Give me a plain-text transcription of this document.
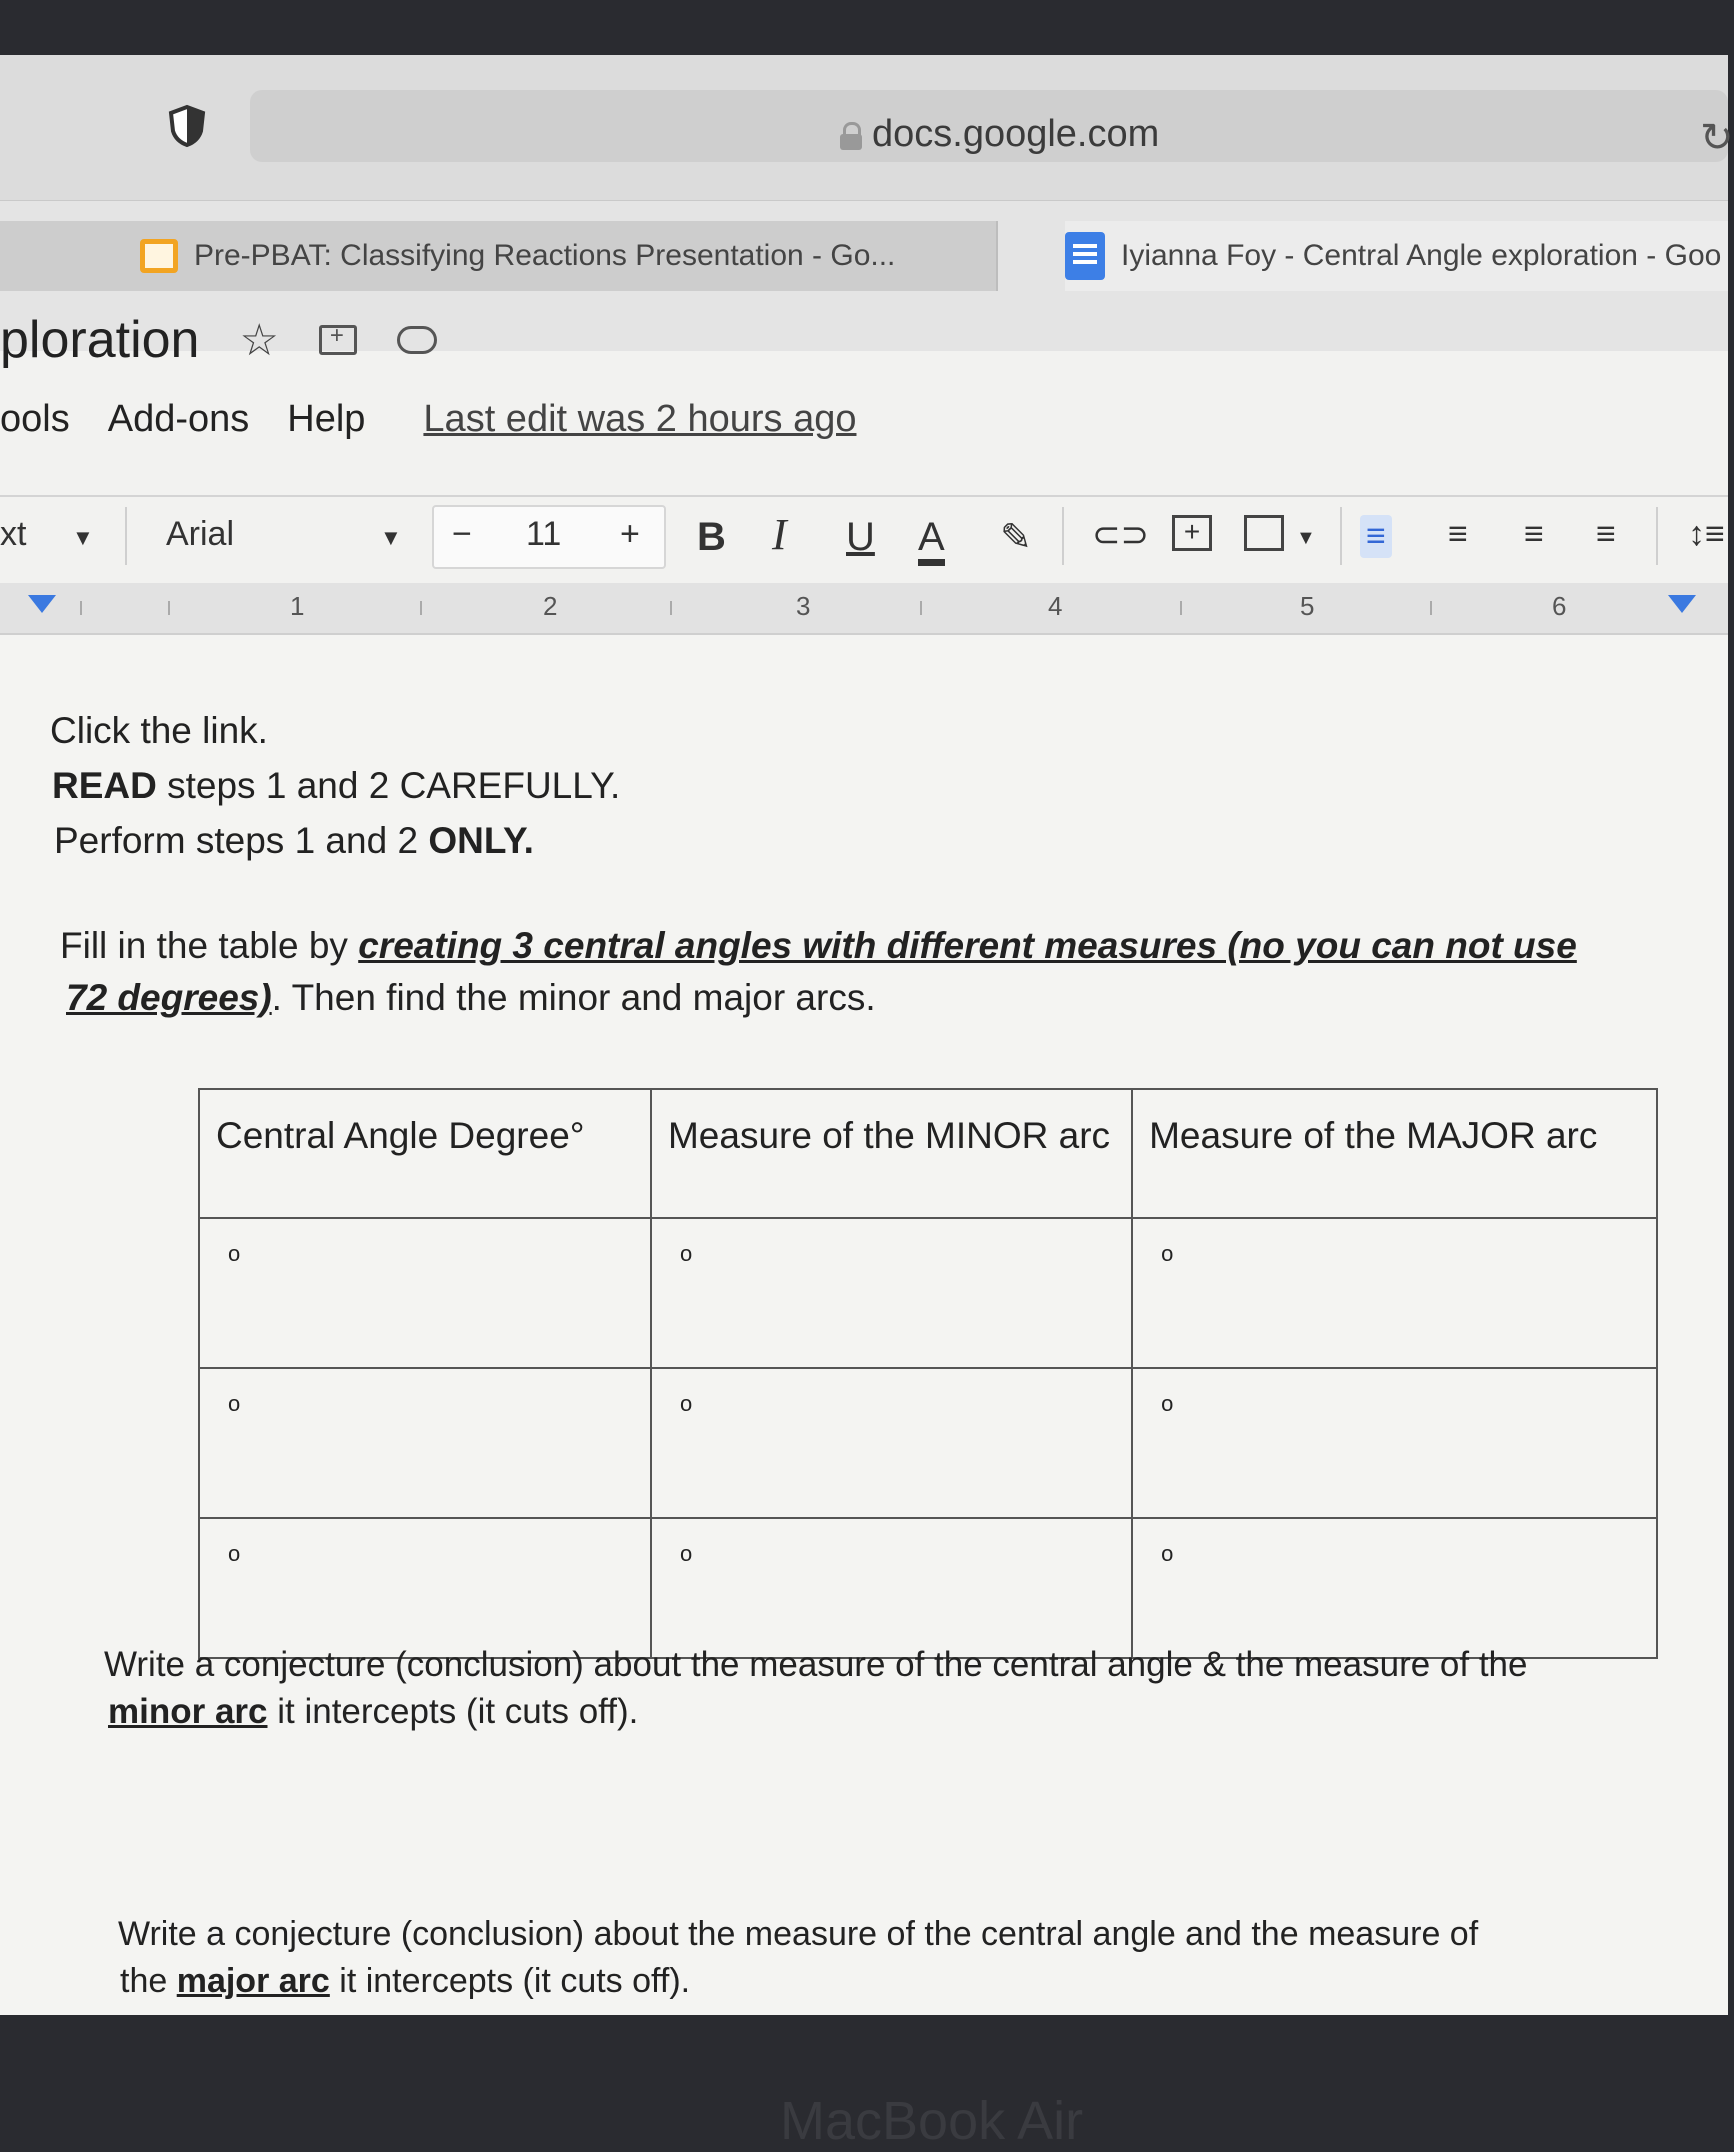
docs.google.com	↻
Pre-PBAT: Classifying Reactions Presentation - Go...	Iyianna Foy - Central Angle exploration - Goo
ploration ☆
+
ools Add-ons Help Last edit was 2 hours ago
xt ▼ Arial	▼ − 11 + B I U A ✎ ⊂⊃	+	▼ ≡ ≡ ≡ ≡ ↕≡
1	2	3	4	5	6
Click the link.
READ steps 1 and 2 CAREFULLY.
Perform steps 1 and 2 ONLY.
Fill in the table by creating 3 central angles with different measures (no you can not use
72 degrees). Then find the minor and major arcs.
Central Angle Degree°	Measure of the MINOR arc	Measure of the MAJOR arc
o	o	o
o	o	o
o	o	o
Write a conjecture (conclusion) about the measure of the central angle & the measure of the
minor arc it intercepts (it cuts off).
Write a conjecture (conclusion) about the measure of the central angle and the measure of
the major arc it intercepts (it cuts off).
MacBook Air
